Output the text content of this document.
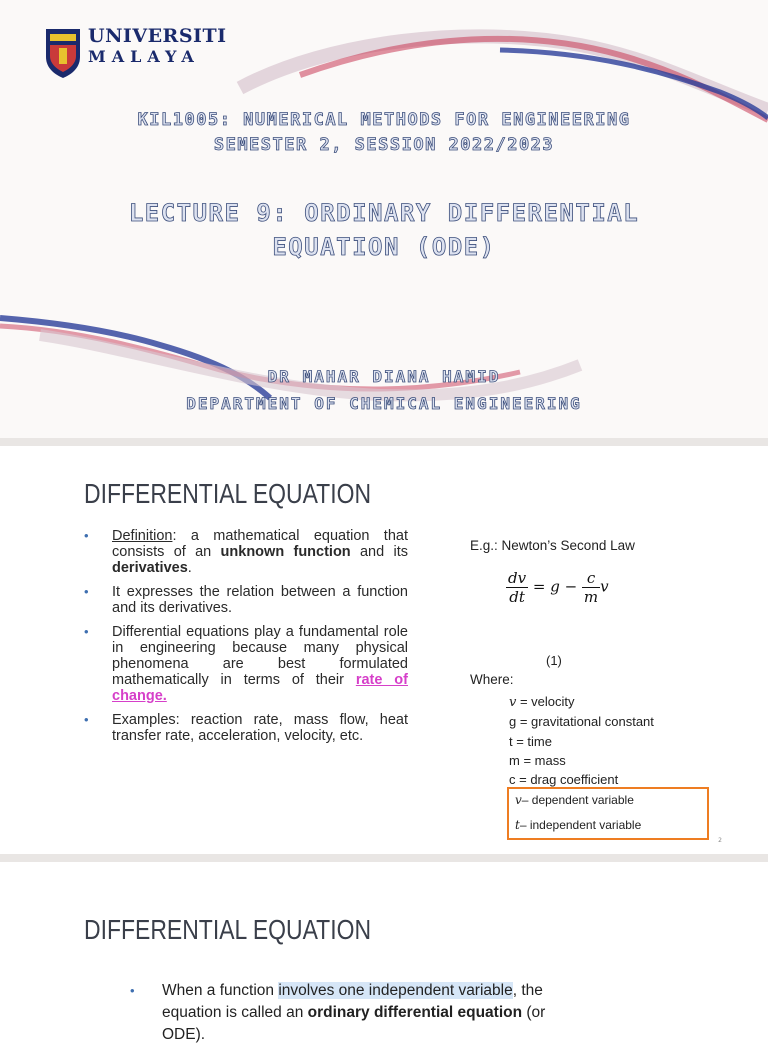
UNIVERSITI
MALAYA
KIL1005: NUMERICAL METHODS FOR ENGINEERING
SEMESTER 2, SESSION 2022/2023
LECTURE 9: ORDINARY DIFFERENTIAL
EQUATION (ODE)
DR MAHAR DIANA HAMID
DEPARTMENT OF CHEMICAL ENGINEERING
DIFFERENTIAL EQUATION
• Definition: a mathematical equation that consists of an unknown function and its derivatives.
• It expresses the relation between a function and its derivatives.
• Differential equations play a fundamental role in engineering because many physical phenomena are best formulated mathematically in terms of their rate of change.
• Examples: reaction rate, mass flow, heat transfer rate, acceleration, velocity, etc.
E.g.: Newton’s Second Law
$\frac{dv}{dt} = g - \frac{c}{m}$ v
(1)
Where:
v = velocity
g = gravitational constant
t = time
m = mass
c = drag coefficient
v– dependent variable
t– independent variable
2
DIFFERENTIAL EQUATION
•	When a function involves one independent variable, the equation is called an ordinary differential equation (or ODE).
